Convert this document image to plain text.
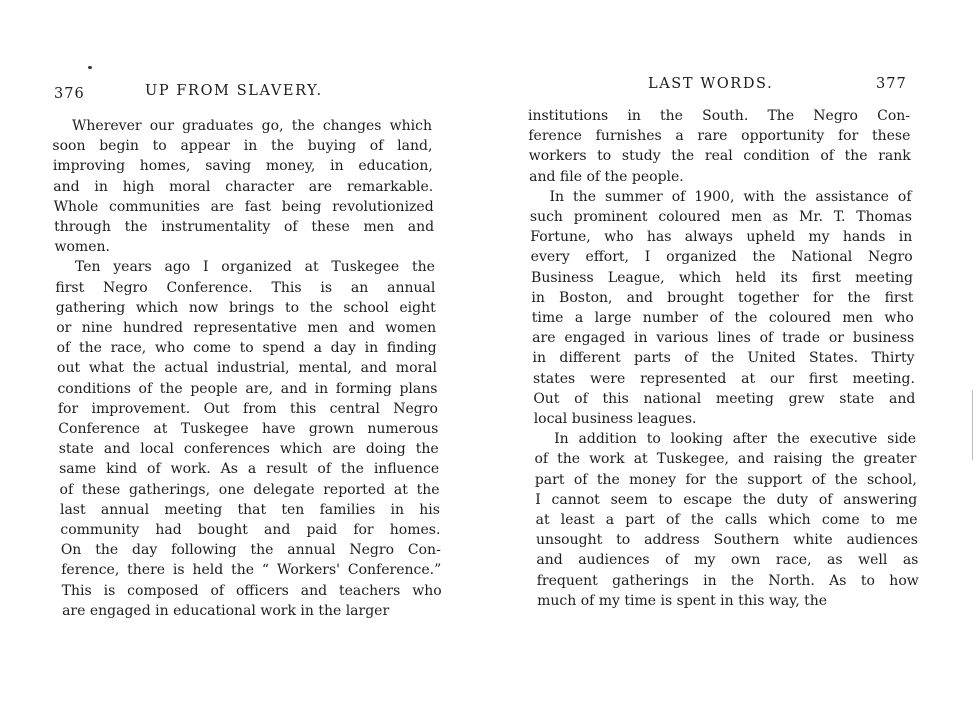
376	UP FROM SLAVERY.
Wherever our graduates go, the changes which
soon begin to appear in the buying of land,
improving homes, saving money, in education,
and in high moral character are remarkable.
Whole communities are fast being revolutionized
through the instrumentality of these men and
women.
Ten years ago I organized at Tuskegee the
first Negro Conference. This is an annual
gathering which now brings to the school eight
or nine hundred representative men and women
of the race, who come to spend a day in finding
out what the actual industrial, mental, and moral
conditions of the people are, and in forming plans
for improvement. Out from this central Negro
Conference at Tuskegee have grown numerous
state and local conferences which are doing the
same kind of work. As a result of the influence
of these gatherings, one delegate reported at the
last annual meeting that ten families in his
community had bought and paid for homes.
On the day following the annual Negro Con-
ference, there is held the “ Workers' Conference.”
This is composed of officers and teachers who
are engaged in educational work in the larger
LAST WORDS.	377
institutions in the South. The Negro Con-
ference furnishes a rare opportunity for these
workers to study the real condition of the rank
and file of the people.
In the summer of 1900, with the assistance of
such prominent coloured men as Mr. T. Thomas
Fortune, who has always upheld my hands in
every effort, I organized the National Negro
Business League, which held its first meeting
in Boston, and brought together for the first
time a large number of the coloured men who
are engaged in various lines of trade or business
in different parts of the United States. Thirty
states were represented at our first meeting.
Out of this national meeting grew state and
local business leagues.
In addition to looking after the executive side
of the work at Tuskegee, and raising the greater
part of the money for the support of the school,
I cannot seem to escape the duty of answering
at least a part of the calls which come to me
unsought to address Southern white audiences
and audiences of my own race, as well as
frequent gatherings in the North. As to how
much of my time is spent in this way, the
